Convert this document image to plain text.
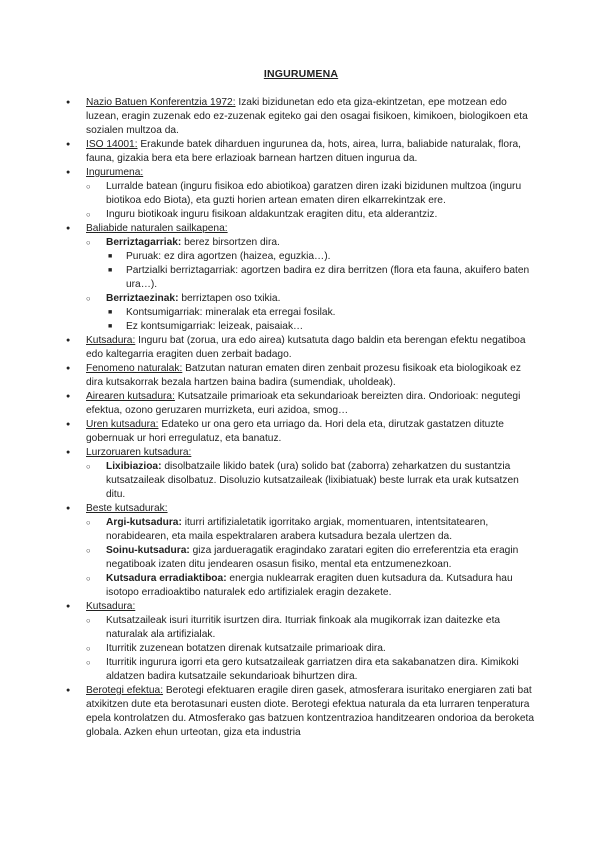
INGURUMENA
● Nazio Batuen Konferentzia 1972: Izaki bizidunetan edo eta giza-ekintzetan, epe motzean edo luzean, eragin zuzenak edo ez-zuzenak egiteko gai den osagai fisikoen, kimikoen, biologikoen eta sozialen multzoa da.
● ISO 14001: Erakunde batek diharduen ingurunea da, hots, airea, lurra, baliabide naturalak, flora, fauna, gizakia bera eta bere erlazioak barnean hartzen dituen ingurua da.
● Ingurumena:
○ Lurralde batean (inguru fisikoa edo abiotikoa) garatzen diren izaki bizidunen multzoa (inguru biotikoa edo Biota), eta guzti horien artean ematen diren elkarrekintzak ere.
○ Inguru biotikoak inguru fisikoan aldakuntzak eragiten ditu, eta alderantziz.
● Baliabide naturalen sailkapena:
○ Berriztagarriak: berez birsortzen dira.
■ Puruak: ez dira agortzen (haizea, eguzkia…).
■ Partzialki berriztagarriak: agortzen badira ez dira berritzen (flora eta fauna, akuifero baten ura…).
○ Berriztaezinak: berriztapen oso txikia.
■ Kontsumigarriak: mineralak eta erregai fosilak.
■ Ez kontsumigarriak: leizeak, paisaiak…
● Kutsadura: Inguru bat (zorua, ura edo airea) kutsatuta dago baldin eta berengan efektu negatiboa edo kaltegarria eragiten duen zerbait badago.
● Fenomeno naturalak: Batzutan naturan ematen diren zenbait prozesu fisikoak eta biologikoak ez dira kutsakorrak bezala hartzen baina badira (sumendiak, uholdeak).
● Airearen kutsadura: Kutsatzaile primarioak eta sekundarioak bereizten dira. Ondorioak: negutegi efektua, ozono geruzaren murrizketa, euri azidoa, smog…
● Uren kutsadura: Edateko ur ona gero eta urriago da. Hori dela eta, dirutzak gastatzen dituzte gobernuak ur hori erregulatuz, eta banatuz.
● Lurzoruaren kutsadura:
○ Lixibiazioa: disolbatzaile likido batek (ura) solido bat (zaborra) zeharkatzen du sustantzia kutsatzaileak disolbatuz. Disoluzio kutsatzaileak (lixibiatuak) beste lurrak eta urak kutsatzen ditu.
● Beste kutsadurak:
○ Argi-kutsadura: iturri artifizialetatik igorritako argiak, momentuaren, intentsitatearen, norabidearen, eta maila espektralaren arabera kutsadura bezala ulertzen da.
○ Soinu-kutsadura: giza jardueragatik eragindako zaratari egiten dio erreferentzia eta eragin negatiboak izaten ditu jendearen osasun fisiko, mental eta entzumenezkoan.
○ Kutsadura erradiaktiboa: energia nuklearrak eragiten duen kutsadura da. Kutsadura hau isotopo erradioaktibo naturalek edo artifizialek eragin dezakete.
● Kutsadura:
○ Kutsatzaileak isuri iturritik isurtzen dira. Iturriak finkoak ala mugikorrak izan daitezke eta naturalak ala artifizialak.
○ Iturritik zuzenean botatzen direnak kutsatzaile primarioak dira.
○ Iturritik ingurura igorri eta gero kutsatzaileak garriatzen dira eta sakabanatzen dira. Kimikoki aldatzen badira kutsatzaile sekundarioak bihurtzen dira.
● Berotegi efektua: Berotegi efektuaren eragile diren gasek, atmosferara isuritako energiaren zati bat atxikitzen dute eta berotasunari eusten diote. Berotegi efektua naturala da eta lurraren tenperatura epela kontrolatzen du. Atmosferako gas batzuen kontzentrazioa handitzearen ondorioa da beroketa globala. Azken ehun urteotan, giza eta industria
